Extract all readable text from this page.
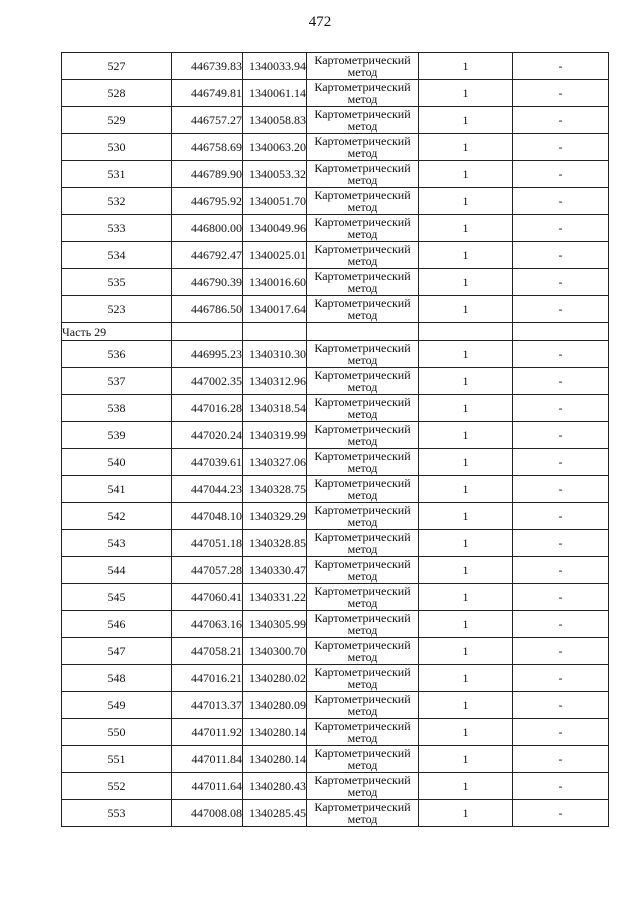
472
527	446739.83	1340033.94	Картометрический
метод	1	-
528	446749.81	1340061.14	Картометрический
метод	1	-
529	446757.27	1340058.83	Картометрический
метод	1	-
530	446758.69	1340063.20	Картометрический
метод	1	-
531	446789.90	1340053.32	Картометрический
метод	1	-
532	446795.92	1340051.70	Картометрический
метод	1	-
533	446800.00	1340049.96	Картометрический
метод	1	-
534	446792.47	1340025.01	Картометрический
метод	1	-
535	446790.39	1340016.60	Картометрический
метод	1	-
523	446786.50	1340017.64	Картометрический
метод	1	-
Часть 29					
536	446995.23	1340310.30	Картометрический
метод	1	-
537	447002.35	1340312.96	Картометрический
метод	1	-
538	447016.28	1340318.54	Картометрический
метод	1	-
539	447020.24	1340319.99	Картометрический
метод	1	-
540	447039.61	1340327.06	Картометрический
метод	1	-
541	447044.23	1340328.75	Картометрический
метод	1	-
542	447048.10	1340329.29	Картометрический
метод	1	-
543	447051.18	1340328.85	Картометрический
метод	1	-
544	447057.28	1340330.47	Картометрический
метод	1	-
545	447060.41	1340331.22	Картометрический
метод	1	-
546	447063.16	1340305.99	Картометрический
метод	1	-
547	447058.21	1340300.70	Картометрический
метод	1	-
548	447016.21	1340280.02	Картометрический
метод	1	-
549	447013.37	1340280.09	Картометрический
метод	1	-
550	447011.92	1340280.14	Картометрический
метод	1	-
551	447011.84	1340280.14	Картометрический
метод	1	-
552	447011.64	1340280.43	Картометрический
метод	1	-
553	447008.08	1340285.45	Картометрический
метод	1	-
